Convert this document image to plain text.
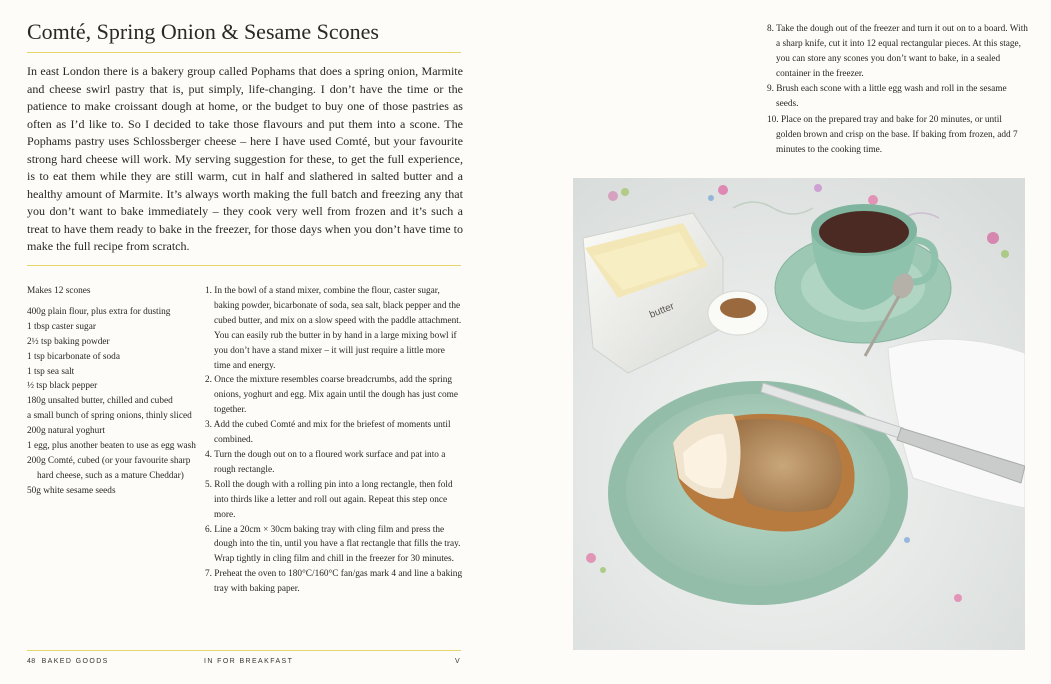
Comté, Spring Onion & Sesame Scones

In east London there is a bakery group called Pophams that does a spring onion, Marmite and cheese swirl pastry that is, put simply, life-changing. I don’t have the time or the patience to make croissant dough at home, or the budget to buy one of those pastries as often as I’d like to. So I decided to take those flavours and put them into a scone. The Pophams pastry uses Schlossberger cheese – here I have used Comté, but your favourite strong hard cheese will work. My serving suggestion for these, to get the full experience, is to eat them while they are still warm, cut in half and slathered in salted butter and a healthy amount of Marmite. It’s always worth making the full batch and freezing any that you don’t want to bake immediately – they cook very well from frozen and it’s such a treat to have them ready to bake in the freezer, for those days when you don’t have time to make the full recipe from scratch.

Makes 12 scones

400g plain flour, plus extra for dusting
1 tbsp caster sugar
2½ tsp baking powder
1 tsp bicarbonate of soda
1 tsp sea salt
½ tsp black pepper
180g unsalted butter, chilled and cubed
a small bunch of spring onions, thinly sliced
200g natural yoghurt
1 egg, plus another beaten to use as egg wash
200g Comté, cubed (or your favourite sharp hard cheese, such as a mature Cheddar)
50g white sesame seeds
1. In the bowl of a stand mixer, combine the flour, caster sugar, baking powder, bicarbonate of soda, sea salt, black pepper and the cubed butter, and mix on a slow speed with the paddle attachment. You can easily rub the butter in by hand in a large mixing bowl if you don’t have a stand mixer – it will just require a little more time and energy.
2. Once the mixture resembles coarse breadcrumbs, add the spring onions, yoghurt and egg. Mix again until the dough has just come together.
3. Add the cubed Comté and mix for the briefest of moments until combined.
4. Turn the dough out on to a floured work surface and pat into a rough rectangle.
5. Roll the dough with a rolling pin into a long rectangle, then fold into thirds like a letter and roll out again. Repeat this step once more.
6. Line a 20cm × 30cm baking tray with cling film and press the dough into the tin, until you have a flat rectangle that fills the tray. Wrap tightly in cling film and chill in the freezer for 30 minutes.
7. Preheat the oven to 180°C/160°C fan/gas mark 4 and line a baking tray with baking paper.
8. Take the dough out of the freezer and turn it out on to a board. With a sharp knife, cut it into 12 equal rectangular pieces. At this stage, you can store any scones you don’t want to bake, in a sealed container in the freezer.
9. Brush each scone with a little egg wash and roll in the sesame seeds.
10. Place on the prepared tray and bake for 20 minutes, or until golden brown and crisp on the base. If baking from frozen, add 7 minutes to the cooking time.
48 BAKED GOODS	IN FOR BREAKFAST	V
butter
